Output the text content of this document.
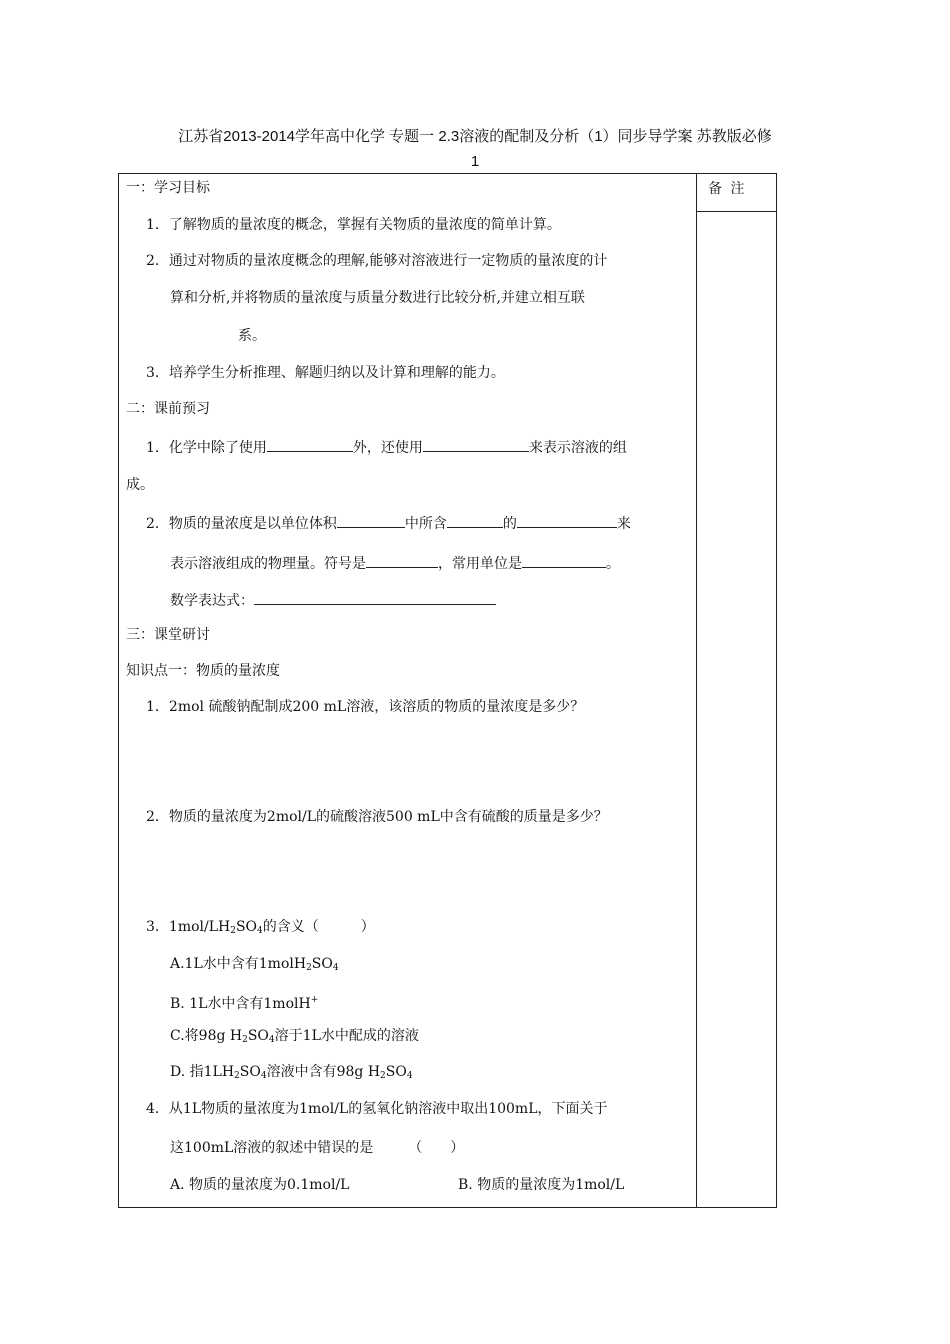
江苏省2013-2014学年高中化学 专题一 2.3溶液的配制及分析（1）同步导学案 苏教版必修
1
备 注
一：学习目标
1．了解物质的量浓度的概念，掌握有关物质的量浓度的简单计算。
2．通过对物质的量浓度概念的理解,能够对溶液进行一定物质的量浓度的计
算和分析,并将物质的量浓度与质量分数进行比较分析,并建立相互联
系。
3．培养学生分析推理、解题归纳以及计算和理解的能力。
二：课前预习
1．化学中除了使用	外，还使用	来表示溶液的组
成。
2．物质的量浓度是以单位体积	中所含	的	来
表示溶液组成的物理量。符号是	，常用单位是	。
数学表达式：
三：课堂研讨
知识点一：物质的量浓度
1．2mol 硫酸钠配制成200 mL溶液，该溶质的物质的量浓度是多少？
2．物质的量浓度为2mol/L的硫酸溶液500 mL中含有硫酸的质量是多少？
3．$1mol/LH_2SO_4$的含义（　　　）
A.1L水中含有$1molH_2SO_4$
B. 1L水中含有1molH+
C.将98g $H_2SO_4$溶于1L水中配成的溶液
D. 指$1LH_2SO_4$溶液中含有98g $H_2SO_4$
4．从1L物质的量浓度为1mol/L的氢氧化钠溶液中取出100mL，下面关于
这100mL溶液的叙述中错误的是　　　（　　）
A. 物质的量浓度为0.1mol/L	B. 物质的量浓度为1mol/L
